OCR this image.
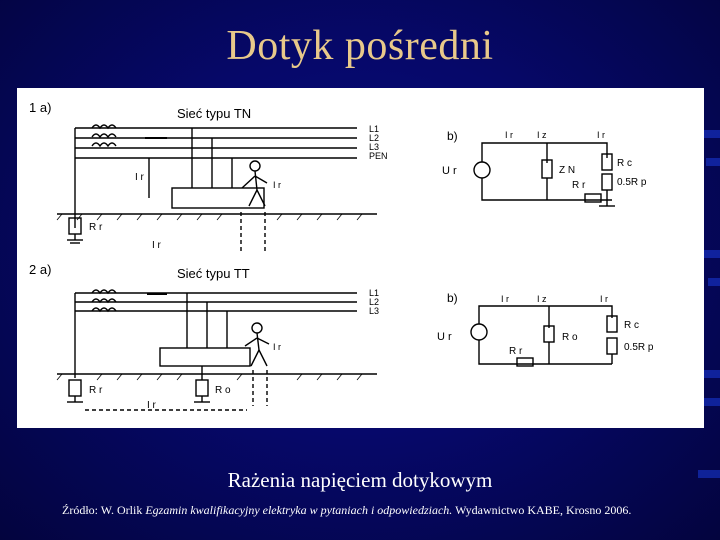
Dotyk pośredni
1 a)	Sieć typu TN
L1
L2
L3
PEN
I r
R r
I r
I r
b)
U r	Z N
R c
0.5R p
R r
I r	I z	I r
2 a)	Sieć typu TT
L1
L2
L3
I r
R r	R o
I r
b)
U r
R r
R o
R c
0.5R p
I r	I z	I r
Rażenia napięciem dotykowym
Źródło: W. Orlik Egzamin kwalifikacyjny elektryka w pytaniach i odpowiedziach. Wydawnictwo KABE, Krosno 2006.
